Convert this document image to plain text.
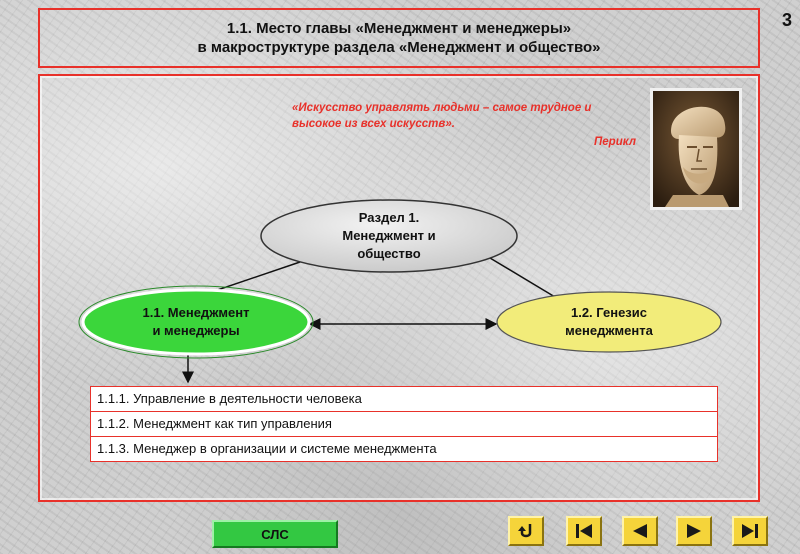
1.1. Место главы «Менеджмент и менеджеры»
в макроструктуре раздела «Менеджмент и общество»
3
«Искусство управлять людьми – самое трудное и высокое из всех искусств».
Перикл
Раздел 1.
Менеджмент и
общество
1.1. Менеджмент
и менеджеры
1.2. Генезис
менеджмента
1.1.1. Управление в деятельности человека
1.1.2. Менеджмент как тип управления
1.1.3. Менеджер в организации и системе менеджмента
СЛС
